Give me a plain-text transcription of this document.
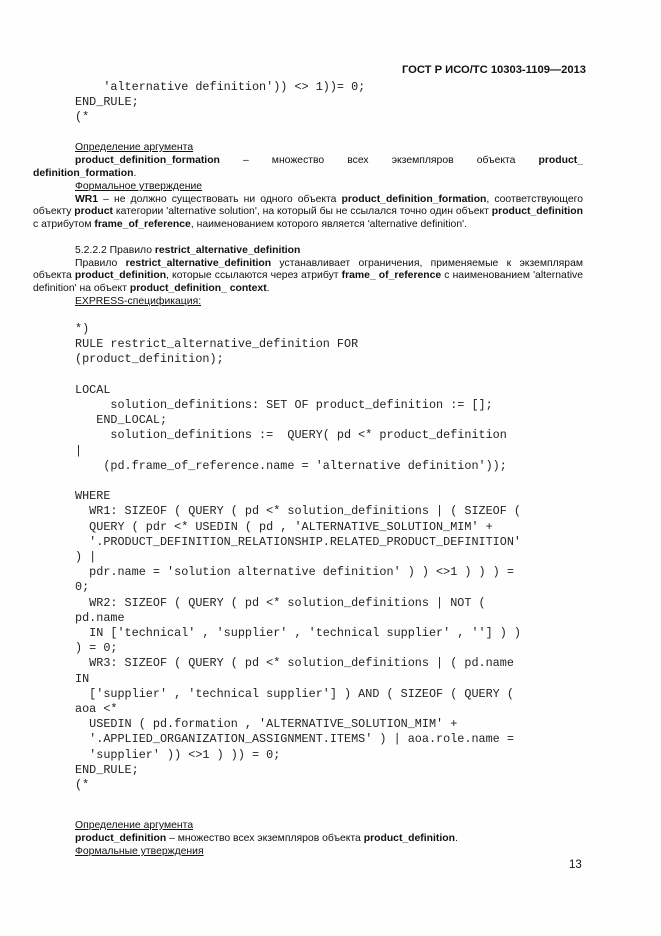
ГОСТ Р ИСО/ТС 10303-1109—2013
'alternative definition')) <> 1))= 0;
END_RULE;
(*
Определение аргумента
product_definition_formation – множество всех экземпляров объекта product_
definition_formation.
Формальное утверждение
WR1 – не должно существовать ни одного объекта product_definition_formation, соответствующего объекту product категории 'alternative solution', на который бы не ссылался точно один объект product_definition с атрибутом frame_of_reference, наименованием которого является 'alternative definition'.
5.2.2.2 Правило restrict_alternative_definition
Правило restrict_alternative_definition устанавливает ограничения, применяемые к экземплярам объекта product_definition, которые ссылаются через атрибут frame_ of_reference с наименованием 'alternative definition' на объект product_definition_ context.
EXPRESS-спецификация:
*)
RULE restrict_alternative_definition FOR
(product_definition);

LOCAL
solution_definitions: SET OF product_definition := [];
END_LOCAL;
solution_definitions :=  QUERY( pd <* product_definition
|
(pd.frame_of_reference.name = 'alternative definition'));

WHERE
WR1: SIZEOF ( QUERY ( pd <* solution_definitions | ( SIZEOF (
QUERY ( pdr <* USEDIN ( pd , 'ALTERNATIVE_SOLUTION_MIM' +
'.PRODUCT_DEFINITION_RELATIONSHIP.RELATED_PRODUCT_DEFINITION'
) |
pdr.name = 'solution alternative definition' ) ) <>1 ) ) ) =
0;
WR2: SIZEOF ( QUERY ( pd <* solution_definitions | NOT (
pd.name
IN ['technical' , 'supplier' , 'technical supplier' , ''] ) )
) = 0;
WR3: SIZEOF ( QUERY ( pd <* solution_definitions | ( pd.name
IN
['supplier' , 'technical supplier'] ) AND ( SIZEOF ( QUERY (
aoa <*
USEDIN ( pd.formation , 'ALTERNATIVE_SOLUTION_MIM' +
'.APPLIED_ORGANIZATION_ASSIGNMENT.ITEMS' ) | aoa.role.name =
'supplier' )) <>1 ) )) = 0;
END_RULE;
(*
Определение аргумента
product_definition – множество всех экземпляров объекта product_definition.
Формальные утверждения
13
